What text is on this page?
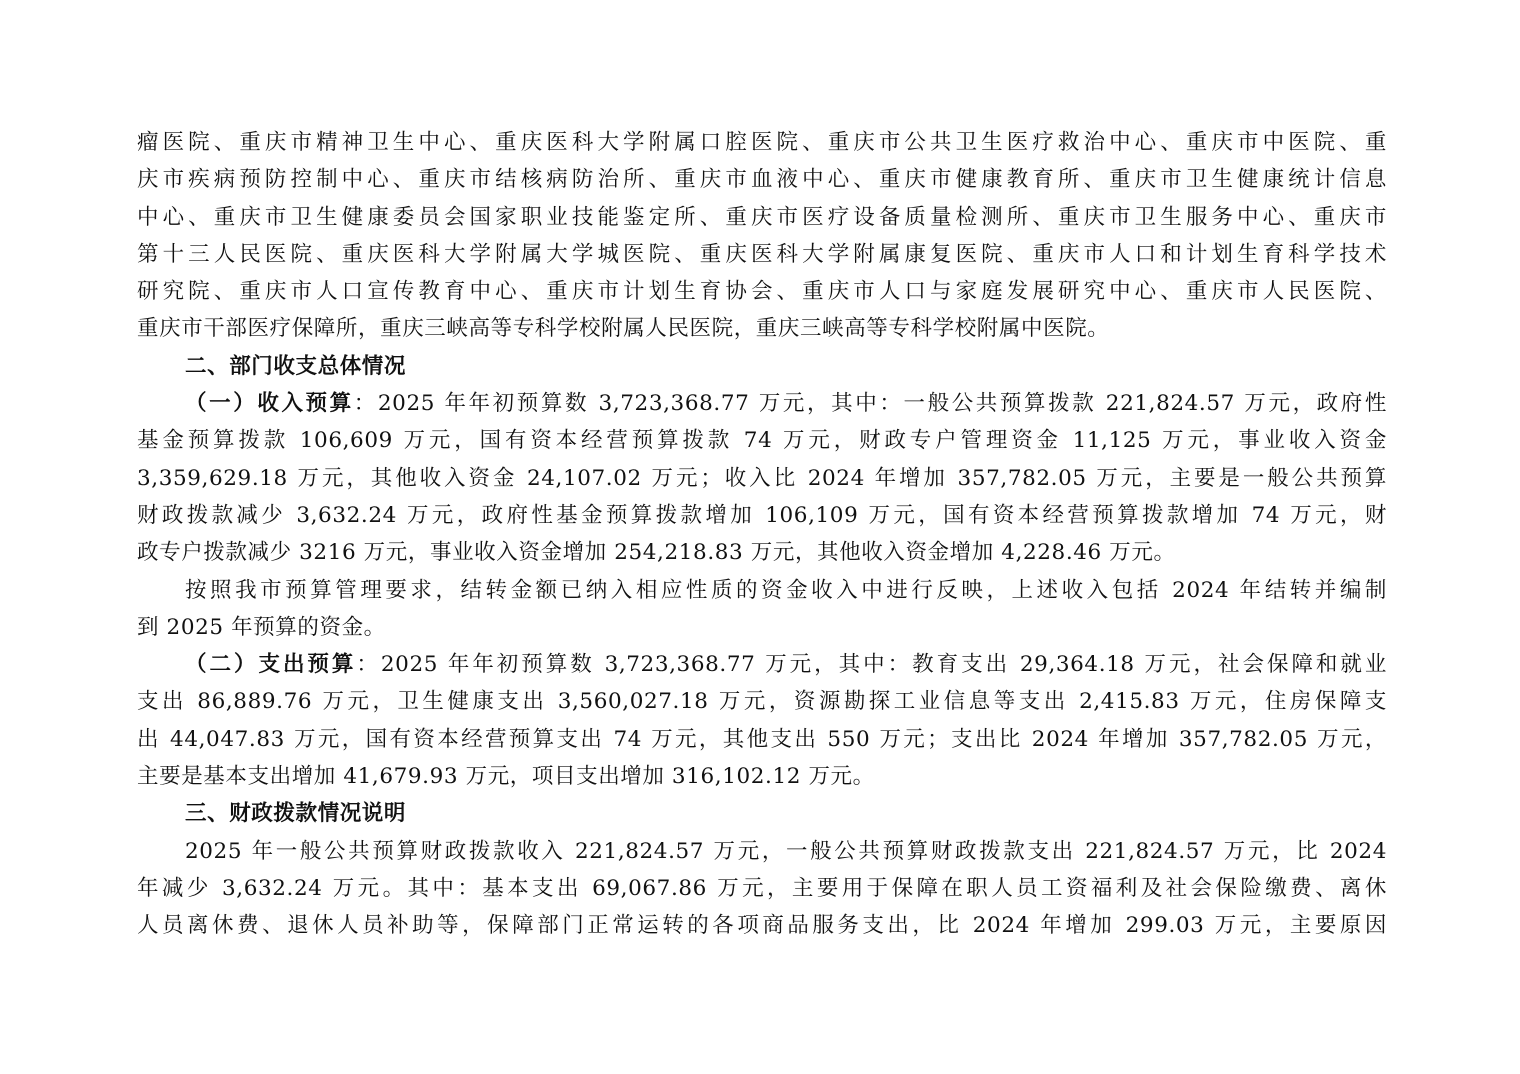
瘤医院、重庆市精神卫生中心、重庆医科大学附属口腔医院、重庆市公共卫生医疗救治中心、重庆市中医院、重
庆市疾病预防控制中心、重庆市结核病防治所、重庆市血液中心、重庆市健康教育所、重庆市卫生健康统计信息
中心、重庆市卫生健康委员会国家职业技能鉴定所、重庆市医疗设备质量检测所、重庆市卫生服务中心、重庆市
第十三人民医院、重庆医科大学附属大学城医院、重庆医科大学附属康复医院、重庆市人口和计划生育科学技术
研究院、重庆市人口宣传教育中心、重庆市计划生育协会、重庆市人口与家庭发展研究中心、重庆市人民医院、
重庆市干部医疗保障所，重庆三峡高等专科学校附属人民医院，重庆三峡高等专科学校附属中医院。
二、部门收支总体情况
（一）收入预算：2025 年年初预算数 3,723,368.77 万元，其中：一般公共预算拨款 221,824.57 万元，政府性
基金预算拨款 106,609 万元，国有资本经营预算拨款 74 万元，财政专户管理资金 11,125 万元，事业收入资金
3,359,629.18 万元，其他收入资金 24,107.02 万元；收入比 2024 年增加 357,782.05 万元，主要是一般公共预算
财政拨款减少 3,632.24 万元，政府性基金预算拨款增加 106,109 万元，国有资本经营预算拨款增加 74 万元，财
政专户拨款减少 3216 万元，事业收入资金增加 254,218.83 万元，其他收入资金增加 4,228.46 万元。
按照我市预算管理要求，结转金额已纳入相应性质的资金收入中进行反映，上述收入包括 2024 年结转并编制
到 2025 年预算的资金。
（二）支出预算：2025 年年初预算数 3,723,368.77 万元，其中：教育支出 29,364.18 万元，社会保障和就业
支出 86,889.76 万元，卫生健康支出 3,560,027.18 万元，资源勘探工业信息等支出 2,415.83 万元，住房保障支
出 44,047.83 万元，国有资本经营预算支出 74 万元，其他支出 550 万元；支出比 2024 年增加 357,782.05 万元，
主要是基本支出增加 41,679.93 万元，项目支出增加 316,102.12 万元。
三、财政拨款情况说明
2025 年一般公共预算财政拨款收入 221,824.57 万元，一般公共预算财政拨款支出 221,824.57 万元，比 2024
年减少 3,632.24 万元。其中：基本支出 69,067.86 万元，主要用于保障在职人员工资福利及社会保险缴费、离休
人员离休费、退休人员补助等，保障部门正常运转的各项商品服务支出，比 2024 年增加 299.03 万元，主要原因
